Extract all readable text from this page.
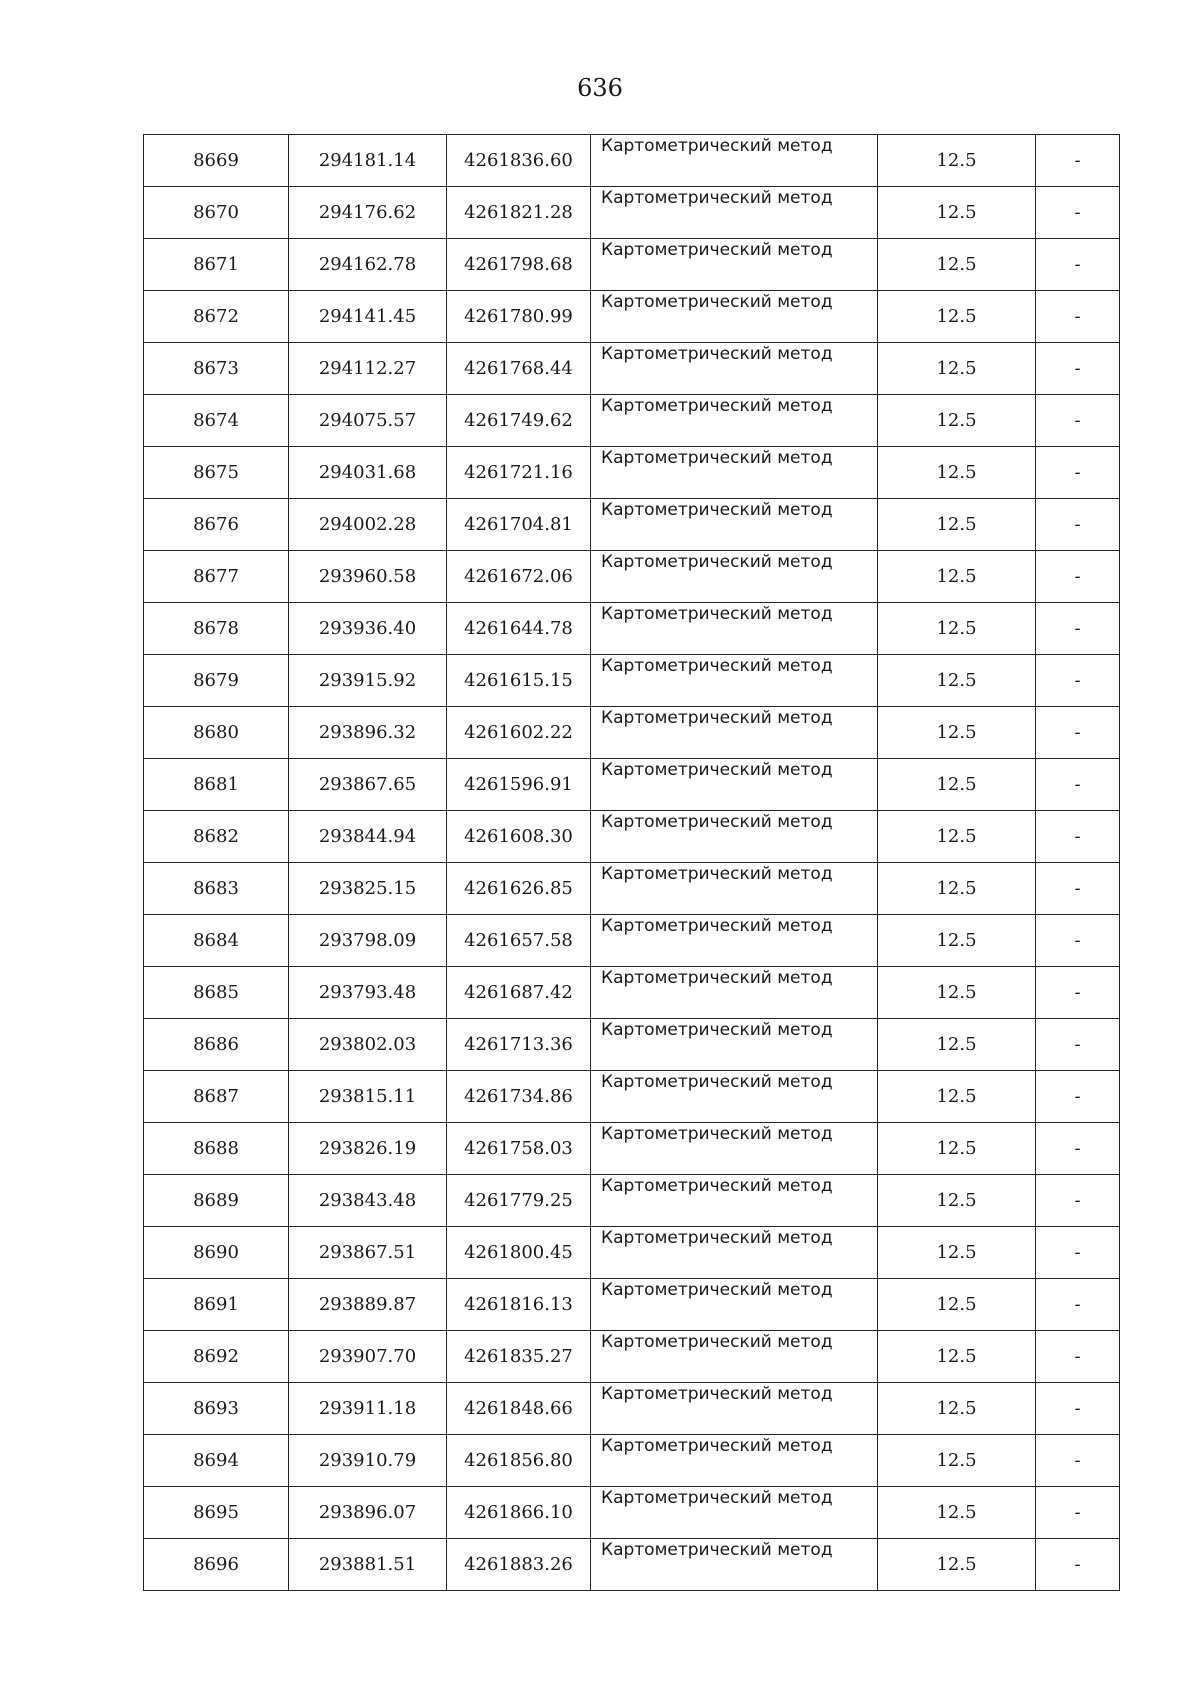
636
8669	294181.14	4261836.60	Картометрический метод	12.5	-
8670	294176.62	4261821.28	Картометрический метод	12.5	-
8671	294162.78	4261798.68	Картометрический метод	12.5	-
8672	294141.45	4261780.99	Картометрический метод	12.5	-
8673	294112.27	4261768.44	Картометрический метод	12.5	-
8674	294075.57	4261749.62	Картометрический метод	12.5	-
8675	294031.68	4261721.16	Картометрический метод	12.5	-
8676	294002.28	4261704.81	Картометрический метод	12.5	-
8677	293960.58	4261672.06	Картометрический метод	12.5	-
8678	293936.40	4261644.78	Картометрический метод	12.5	-
8679	293915.92	4261615.15	Картометрический метод	12.5	-
8680	293896.32	4261602.22	Картометрический метод	12.5	-
8681	293867.65	4261596.91	Картометрический метод	12.5	-
8682	293844.94	4261608.30	Картометрический метод	12.5	-
8683	293825.15	4261626.85	Картометрический метод	12.5	-
8684	293798.09	4261657.58	Картометрический метод	12.5	-
8685	293793.48	4261687.42	Картометрический метод	12.5	-
8686	293802.03	4261713.36	Картометрический метод	12.5	-
8687	293815.11	4261734.86	Картометрический метод	12.5	-
8688	293826.19	4261758.03	Картометрический метод	12.5	-
8689	293843.48	4261779.25	Картометрический метод	12.5	-
8690	293867.51	4261800.45	Картометрический метод	12.5	-
8691	293889.87	4261816.13	Картометрический метод	12.5	-
8692	293907.70	4261835.27	Картометрический метод	12.5	-
8693	293911.18	4261848.66	Картометрический метод	12.5	-
8694	293910.79	4261856.80	Картометрический метод	12.5	-
8695	293896.07	4261866.10	Картометрический метод	12.5	-
8696	293881.51	4261883.26	Картометрический метод	12.5	-
